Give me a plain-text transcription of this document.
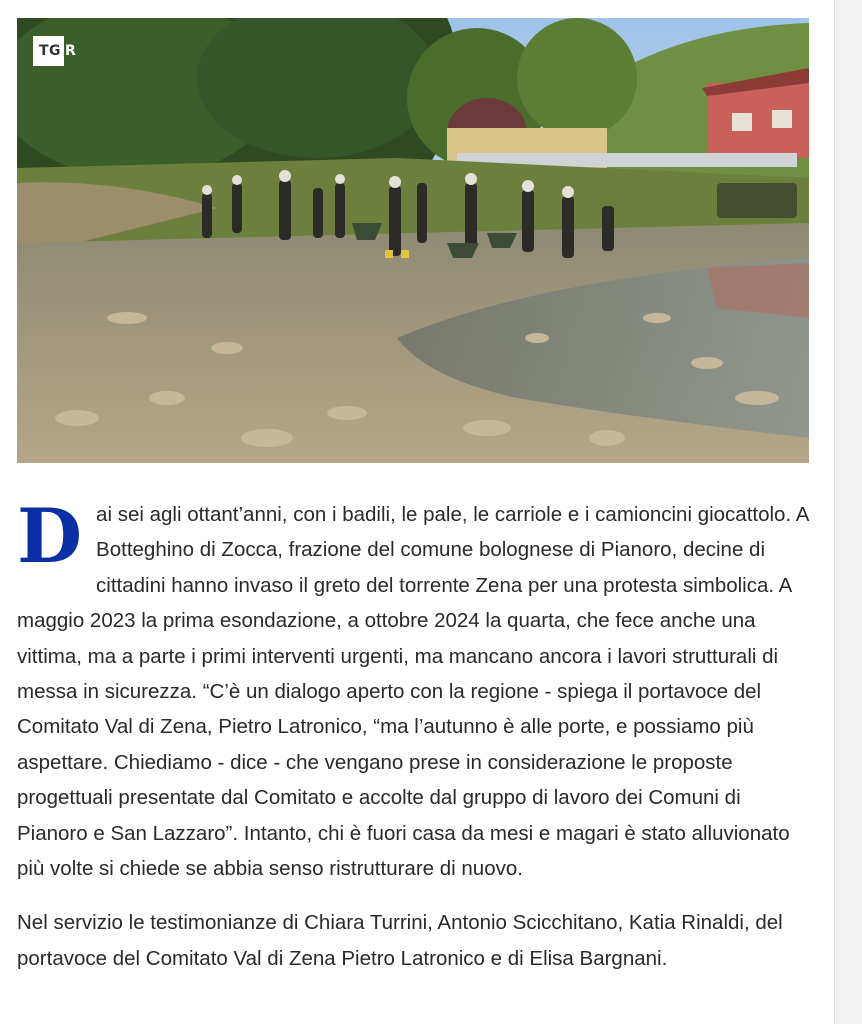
TG R

Dai sei agli ottant’anni, con i badili, le pale, le carriole e i camioncini giocattolo. A Botteghino di Zocca, frazione del comune bolognese di Pianoro, decine di cittadini hanno invaso il greto del torrente Zena per una protesta simbolica. A maggio 2023 la prima esondazione, a ottobre 2024 la quarta, che fece anche una vittima, ma a parte i primi interventi urgenti, ma mancano ancora i lavori strutturali di messa in sicurezza. “C’è un dialogo aperto con la regione - spiega il portavoce del Comitato Val di Zena, Pietro Latronico, “ma l’autunno è alle porte, e possiamo più aspettare. Chiediamo - dice - che vengano prese in considerazione le proposte progettuali presentate dal Comitato e accolte dal gruppo di lavoro dei Comuni di Pianoro e San Lazzaro”. Intanto, chi è fuori casa da mesi e magari è stato alluvionato più volte si chiede se abbia senso ristrutturare di nuovo.

Nel servizio le testimonianze di Chiara Turrini, Antonio Scicchitano, Katia Rinaldi, del portavoce del Comitato Val di Zena Pietro Latronico e di Elisa Bargnani.
